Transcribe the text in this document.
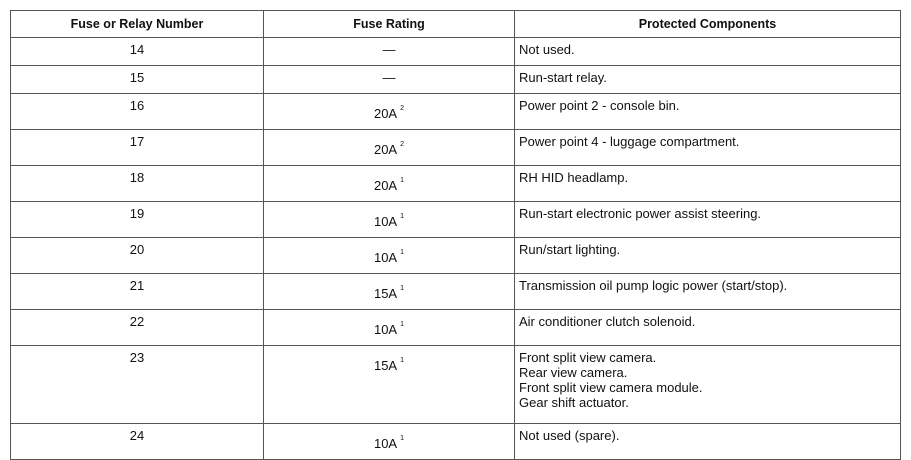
Fuse or Relay Number	Fuse Rating	Protected Components
14	—	Not used.

15	—	Run-start relay.

16	20A $^2$	Power point 2 - console bin.

17	20A $^2$	Power point 4 - luggage compartment.

18	20A $^1$	RH HID headlamp.

19	10A $^1$	Run-start electronic power assist steering.

20	10A $^1$	Run/start lighting.

21	15A $^1$	Transmission oil pump logic power (start/stop).

22	10A $^1$	Air conditioner clutch solenoid.

23	15A $^1$	Front split view camera.
Rear view camera.
Front split view camera module.
Gear shift actuator.

24	10A $^1$	Not used (spare).
